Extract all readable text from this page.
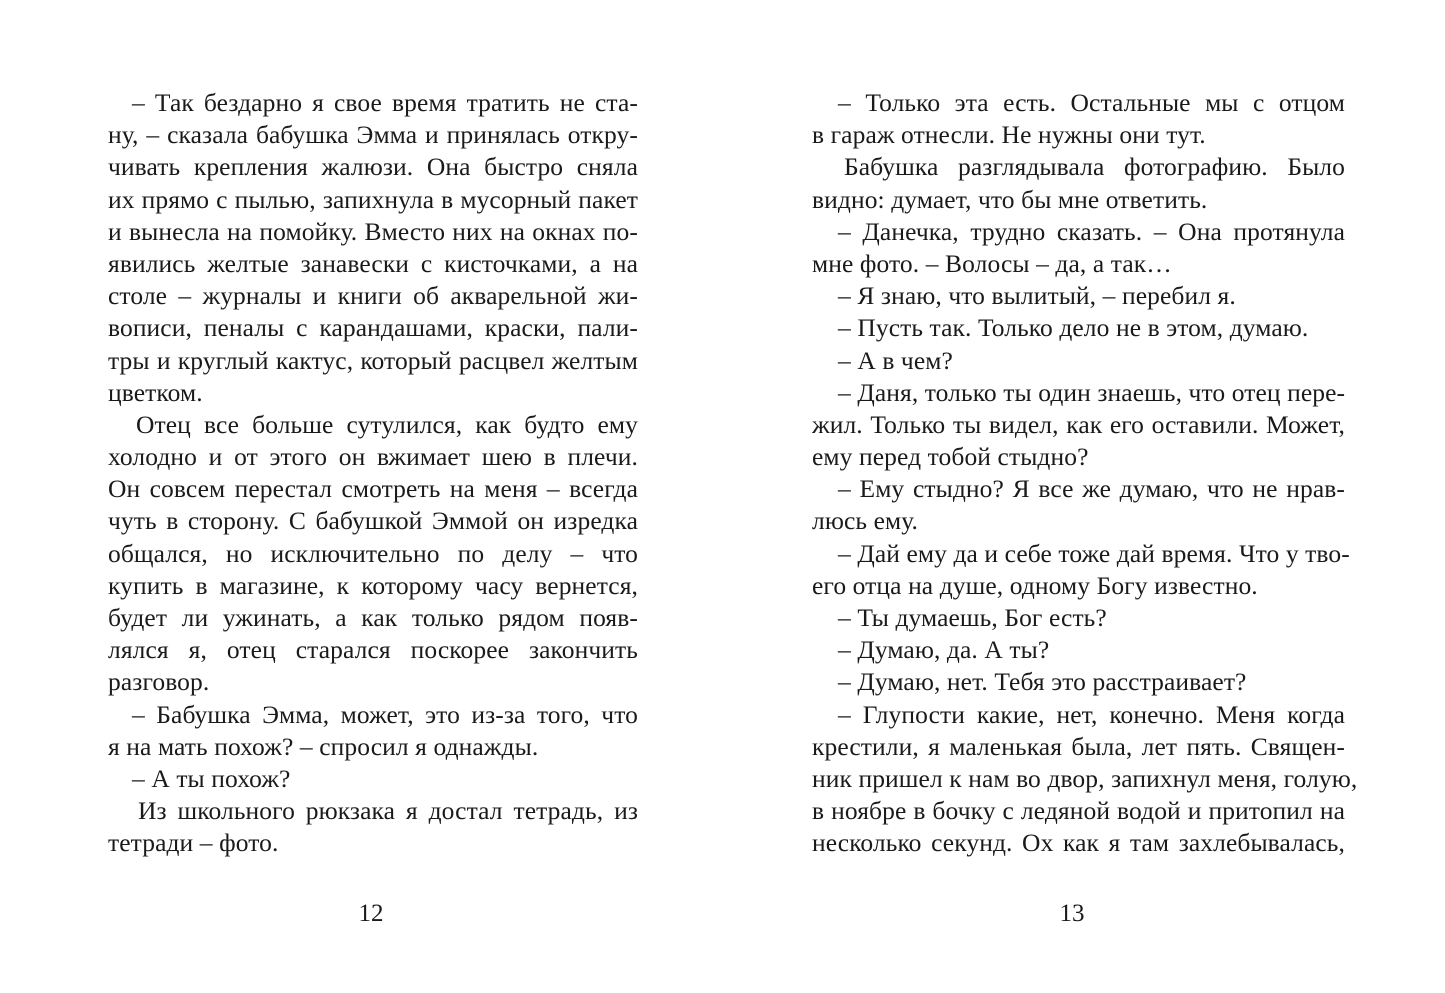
– Так бездарно я свое время тратить не ста-
ну, – сказала бабушка Эмма и принялась откру-
чивать крепления жалюзи. Она быстро сняла
их прямо с пылью, запихнула в мусорный пакет
и вынесла на помойку. Вместо них на окнах по-
явились желтые занавески с кисточками, а на
столе – журналы и книги об акварельной жи-
вописи, пеналы с карандашами, краски, пали-
тры и круглый кактус, который расцвел желтым
цветком.
Отец все больше сутулился, как будто ему
холодно и от этого он вжимает шею в плечи.
Он совсем перестал смотреть на меня – всегда
чуть в сторону. С бабушкой Эммой он изредка
общался, но исключительно по делу – что
купить в магазине, к которому часу вернется,
будет ли ужинать, а как только рядом появ-
лялся я, отец старался поскорее закончить
разговор.
– Бабушка Эмма, может, это из-за того, что
я на мать похож? – спросил я однажды.
– А ты похож?
Из школьного рюкзака я достал тетрадь, из
тетради – фото.
12
– Только эта есть. Остальные мы с отцом
в гараж отнесли. Не нужны они тут.
Бабушка разглядывала фотографию. Было
видно: думает, что бы мне ответить.
– Данечка, трудно сказать. – Она протянула
мне фото. – Волосы – да, а так…
– Я знаю, что вылитый, – перебил я.
– Пусть так. Только дело не в этом, думаю.
– А в чем?
– Даня, только ты один знаешь, что отец пере-
жил. Только ты видел, как его оставили. Может,
ему перед тобой стыдно?
– Ему стыдно? Я все же думаю, что не нрав-
люсь ему.
– Дай ему да и себе тоже дай время. Что у тво-
его отца на душе, одному Богу известно.
– Ты думаешь, Бог есть?
– Думаю, да. А ты?
– Думаю, нет. Тебя это расстраивает?
– Глупости какие, нет, конечно. Меня когда
крестили, я маленькая была, лет пять. Священ-
ник пришел к нам во двор, запихнул меня, голую,
в ноябре в бочку с ледяной водой и притопил на
несколько секунд. Ох как я там захлебывалась,
13
